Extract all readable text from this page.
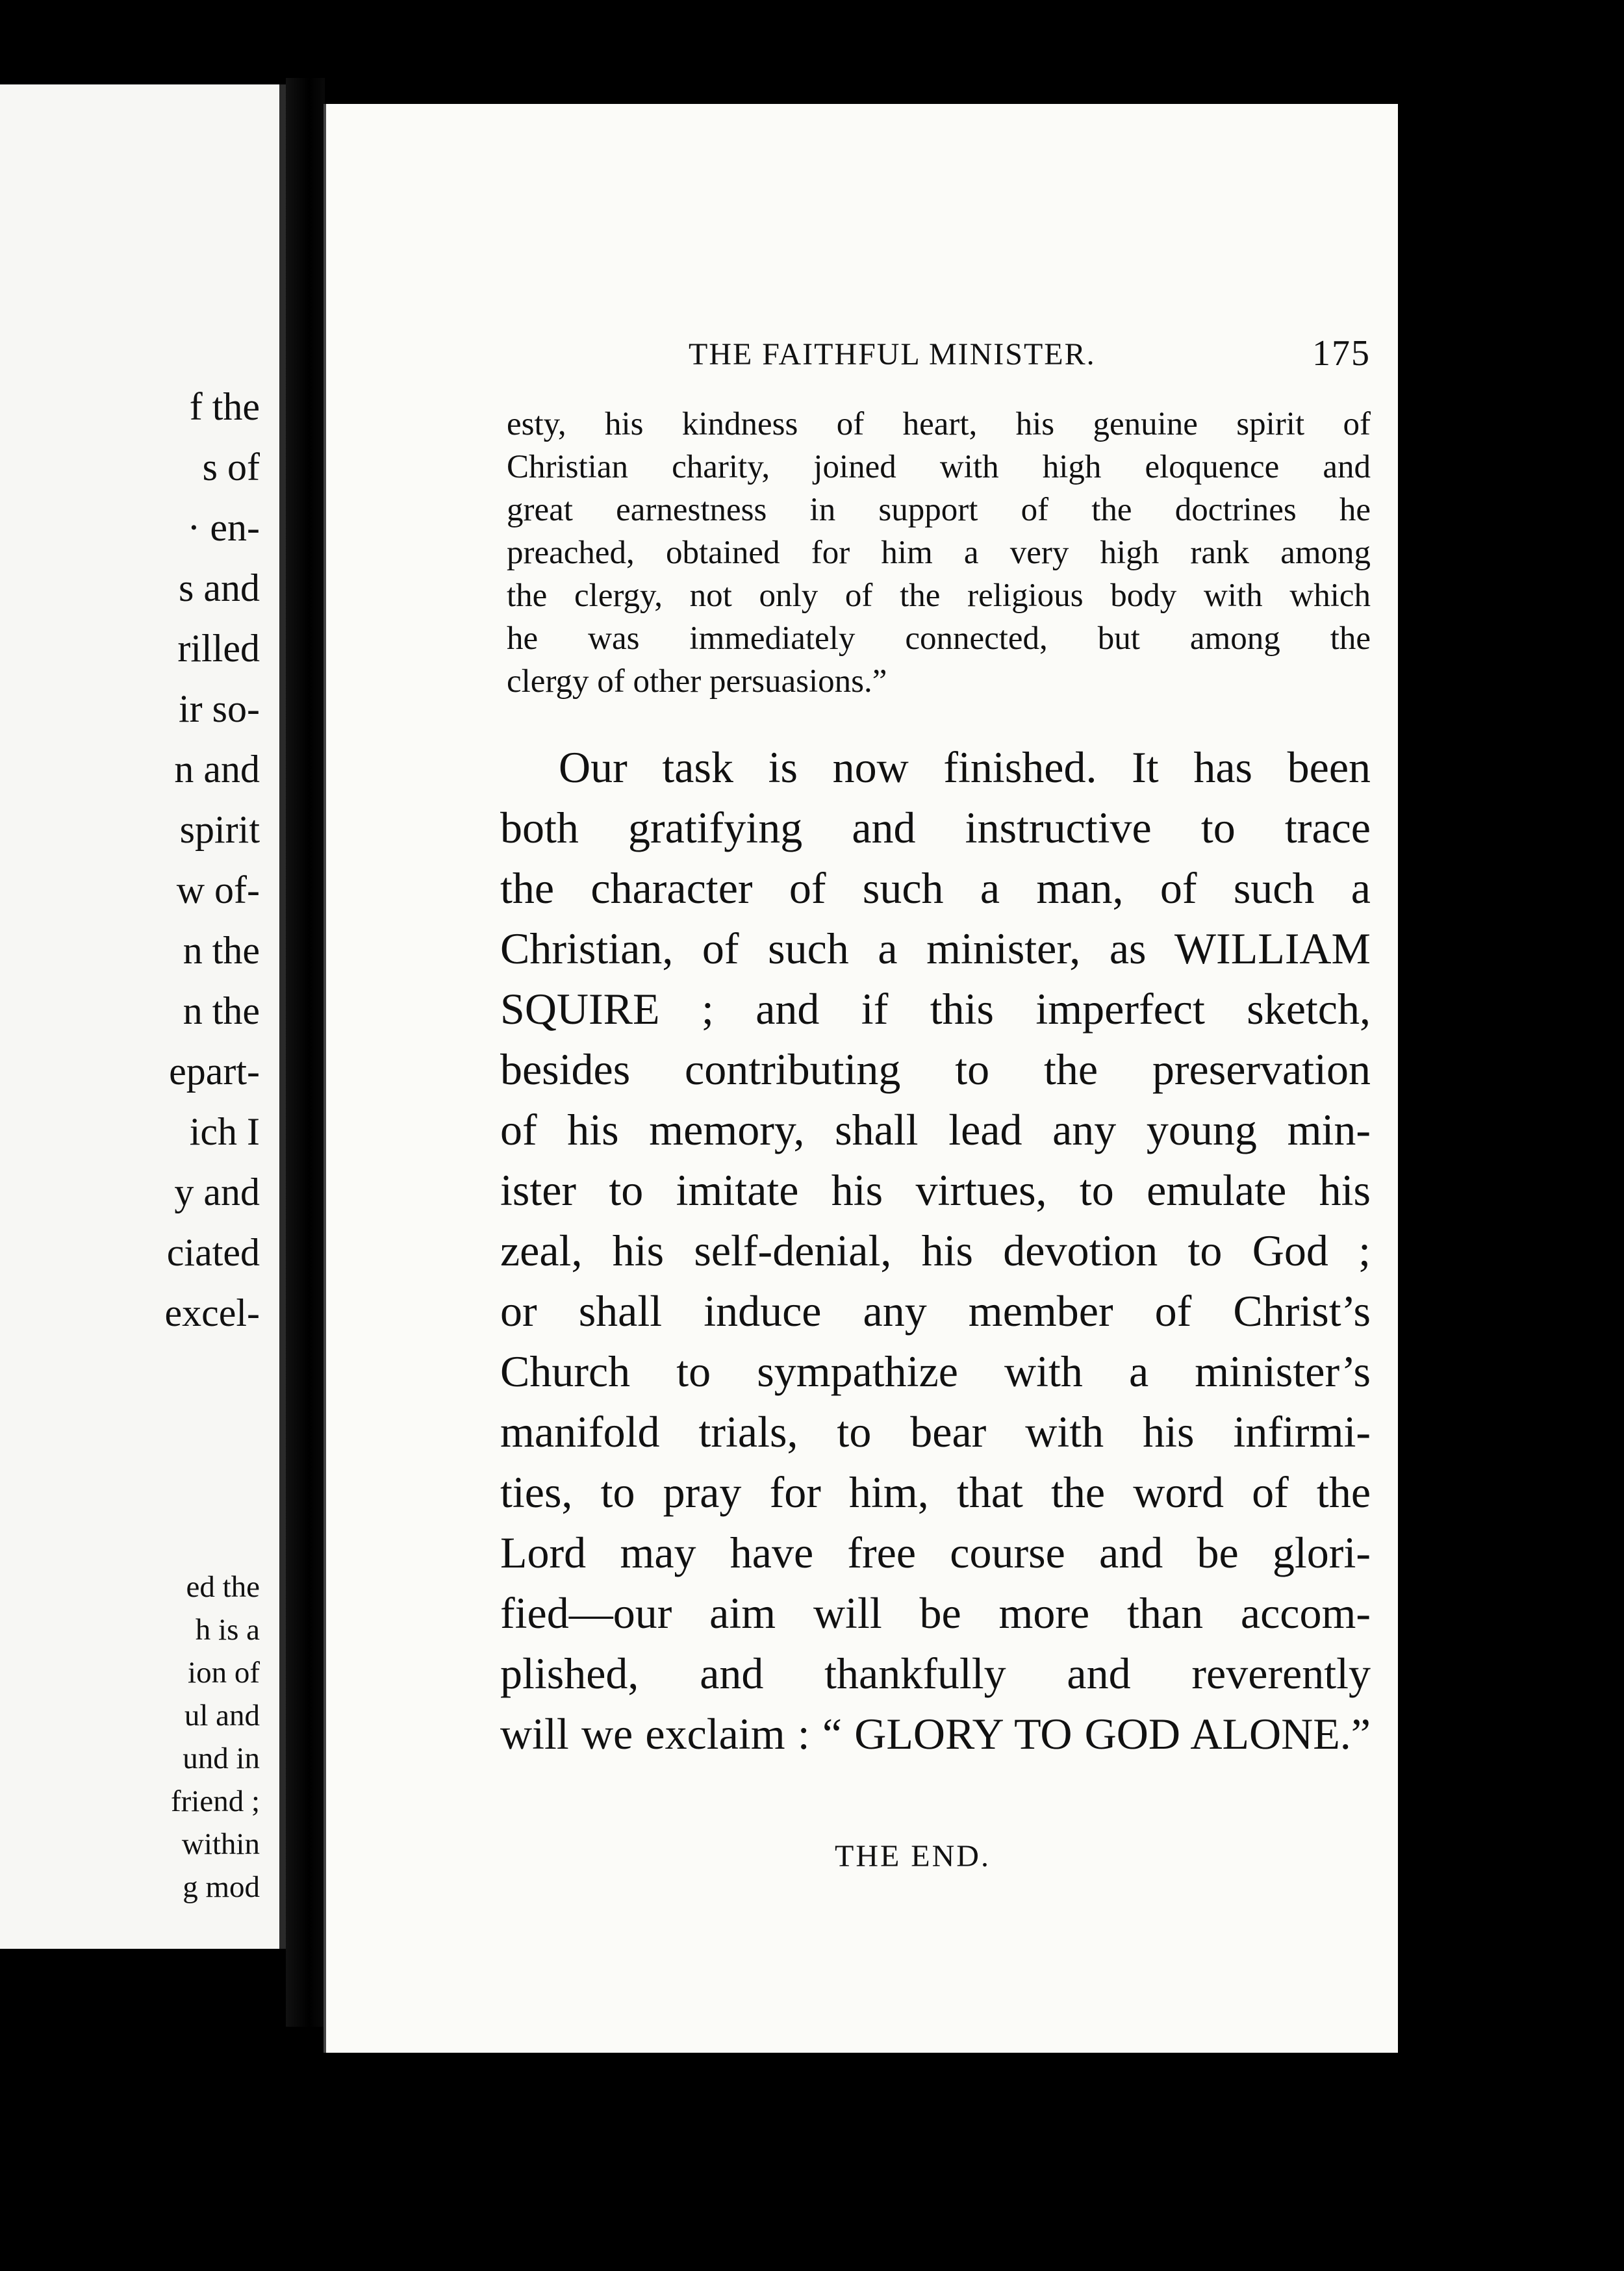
f the
s of
· en-
s and
rilled
ir so-
n and
spirit
w of-
n the
n the
epart-
ich I
y and
ciated
excel-
ed the
h is a
ion of
ul and
und in
friend ;
within
g mod
THE FAITHFUL MINISTER.	175
esty, his kindness of heart, his genuine spirit of
Christian charity, joined with high eloquence and
great earnestness in support of the doctrines he
preached, obtained for him a very high rank among
the clergy, not only of the religious body with which
he was immediately connected, but among the
clergy of other persuasions.”
Our task is now finished. It has been
both gratifying and instructive to trace
the character of such a man, of such a
Christian, of such a minister, as WILLIAM
SQUIRE ; and if this imperfect sketch,
besides contributing to the preservation
of his memory, shall lead any young min-
ister to imitate his virtues, to emulate his
zeal, his self-denial, his devotion to God ;
or shall induce any member of Christ’s
Church to sympathize with a minister’s
manifold trials, to bear with his infirmi-
ties, to pray for him, that the word of the
Lord may have free course and be glori-
fied—our aim will be more than accom-
plished, and thankfully and reverently
will we exclaim : “ GLORY TO GOD ALONE.”
THE END.
